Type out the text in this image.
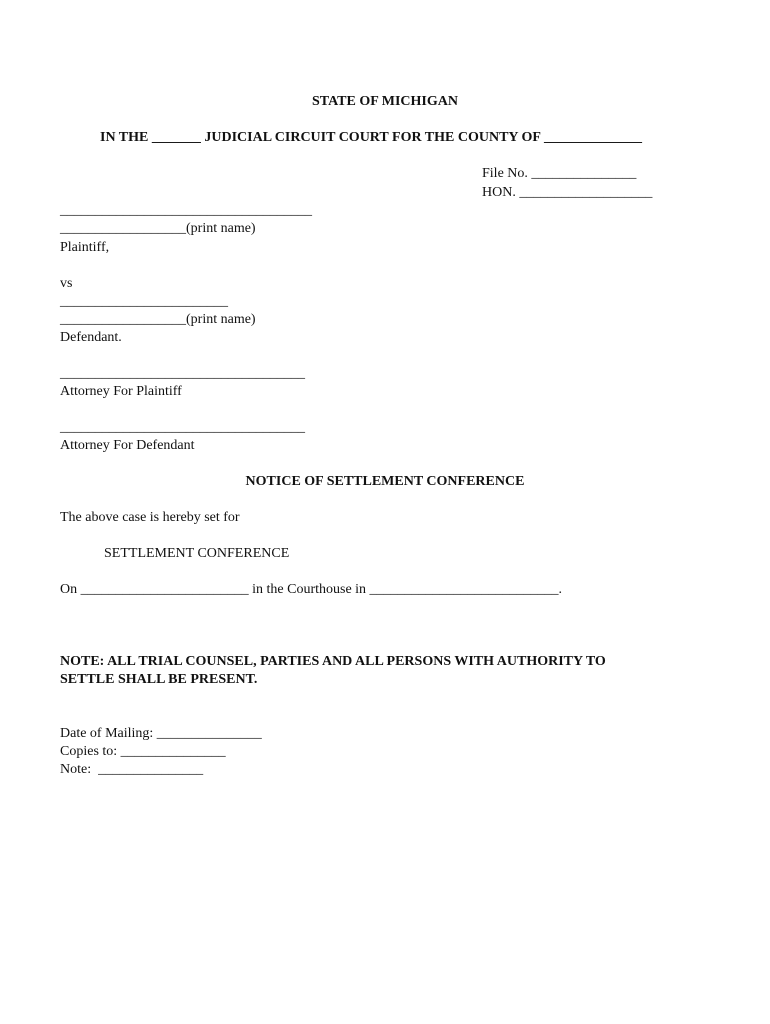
STATE OF MICHIGAN
IN THE _______ JUDICIAL CIRCUIT COURT FOR THE COUNTY OF ______________
File No. _______________
HON. ___________________
____________________________________
__________________(print name)
Plaintiff,
vs
________________________
__________________(print name)
Defendant.
___________________________________
Attorney For Plaintiff
___________________________________
Attorney For Defendant
NOTICE OF SETTLEMENT CONFERENCE
The above case is hereby set for
SETTLEMENT CONFERENCE
On ________________________ in the Courthouse in ___________________________.
NOTE: ALL TRIAL COUNSEL, PARTIES AND ALL PERSONS WITH AUTHORITY TO
SETTLE SHALL BE PRESENT.
Date of Mailing: _______________
Copies to: _______________
Note:  _______________
